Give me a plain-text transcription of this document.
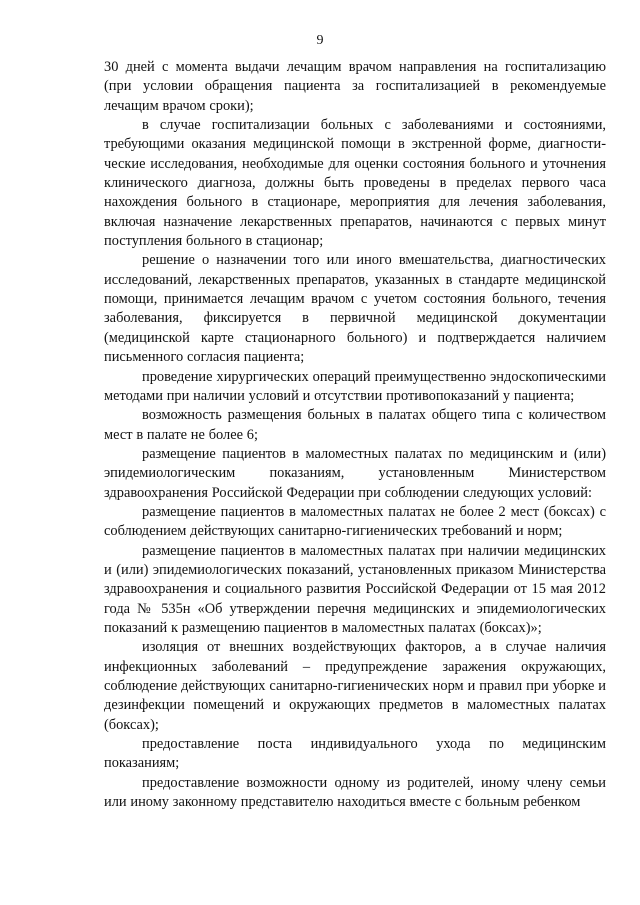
9

30 дней с момента выдачи лечащим врачом направления на госпитализацию (при условии обращения пациента за госпитализацией в рекомендуемые лечащим врачом сроки);

в случае госпитализации больных с заболеваниями и состояниями, требующими оказания медицинской помощи в экстренной форме, диагностические исследования, необходимые для оценки состояния больного и уточнения клинического диагноза, должны быть проведены в пределах первого часа нахождения больного в стационаре, мероприятия для лечения заболевания, включая назначение лекарственных препаратов, начинаются с первых минут поступления больного в стационар;

решение о назначении того или иного вмешательства, диагностических исследований, лекарственных препаратов, указанных в стандарте медицинской помощи, принимается лечащим врачом с учетом состояния больного, течения заболевания, фиксируется в первичной медицинской документации (медицинской карте стационарного больного) и подтверждается наличием письменного согласия пациента;

проведение хирургических операций преимущественно эндоскопическими методами при наличии условий и отсутствии противопоказаний у пациента;

возможность размещения больных в палатах общего типа с количеством мест в палате не более 6;

размещение пациентов в маломестных палатах по медицинским и (или) эпидемиологическим показаниям, установленным Министерством здравоохранения Российской Федерации при соблюдении следующих условий:

размещение пациентов в маломестных палатах не более 2 мест (боксах) с соблюдением действующих санитарно-гигиенических требований и норм;

размещение пациентов в маломестных палатах при наличии медицинских и (или) эпидемиологических показаний, установленных приказом Министерства здравоохранения и социального развития Российской Федерации от 15 мая 2012 года № 535н «Об утверждении перечня медицинских и эпидемиологических показаний к размещению пациентов в маломестных палатах (боксах)»;

изоляция от внешних воздействующих факторов, а в случае наличия инфекционных заболеваний – предупреждение заражения окружающих, соблюдение действующих санитарно-гигиенических норм и правил при уборке и дезинфекции помещений и окружающих предметов в маломестных палатах (боксах);

предоставление поста индивидуального ухода по медицинским показаниям;

предоставление возможности одному из родителей, иному члену семьи или иному законному представителю находиться вместе с больным ребенком
